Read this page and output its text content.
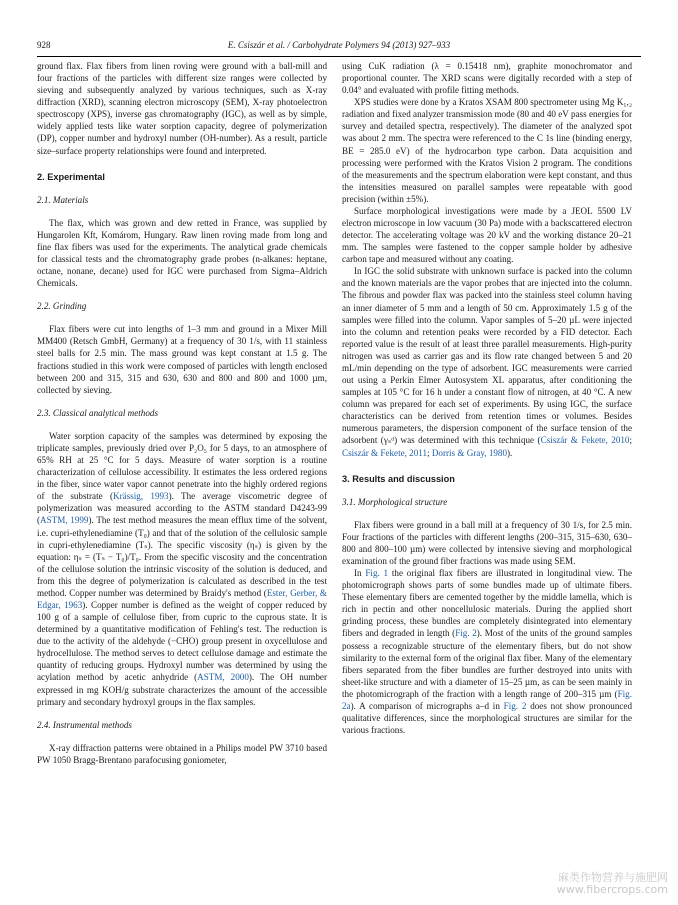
928	E. Csiszár et al. / Carbohydrate Polymers 94 (2013) 927–933

ground flax. Flax fibers from linen roving were ground with a ball-mill and four fractions of the particles with different size ranges were collected by sieving and subsequently analyzed by various techniques, such as X-ray diffraction (XRD), scanning electron microscopy (SEM), X-ray photoelectron spectroscopy (XPS), inverse gas chromatography (IGC), as well as by simple, widely applied tests like water sorption capacity, degree of polymerization (DP), copper number and hydroxyl number (OH-number). As a result, particle size–surface property relationships were found and interpreted.

2. Experimental

2.1. Materials

The flax, which was grown and dew retted in France, was supplied by Hungarolen Kft, Komárom, Hungary. Raw linen roving made from long and fine flax fibers was used for the experiments. The analytical grade chemicals for classical tests and the chromatography grade probes (n-alkanes: heptane, octane, nonane, decane) used for IGC were purchased from Sigma–Aldrich Chemicals.

2.2. Grinding

Flax fibers were cut into lengths of 1–3 mm and ground in a Mixer Mill MM400 (Retsch GmbH, Germany) at a frequency of 30 1/s, with 11 stainless steel balls for 2.5 min. The mass ground was kept constant at 1.5 g. The fractions studied in this work were composed of particles with length enclosed between 200 and 315, 315 and 630, 630 and 800 and 800 and 1000 µm, collected by sieving.

2.3. Classical analytical methods

Water sorption capacity of the samples was determined by exposing the triplicate samples, previously dried over P₂O₅ for 5 days, to an atmosphere of 65% RH at 25 °C for 5 days. Measure of water sorption is a routine characterization of cellulose accessibility. It estimates the less ordered regions in the fiber, since water vapor cannot penetrate into the highly ordered regions of the substrate (Krässig, 1993). The average viscometric degree of polymerization was measured according to the ASTM standard D4243-99 (ASTM, 1999). The test method measures the mean efflux time of the solvent, i.e. cupri-ethylenediamine (T₀) and that of the solution of the cellulosic sample in cupri-ethylenediamine (Tₛ). The specific viscosity (ηₛ) is given by the equation: ηₛ = (Tₛ − T₀)/T₀. From the specific viscosity and the concentration of the cellulose solution the intrinsic viscosity of the solution is deduced, and from this the degree of polymerization is calculated as described in the test method. Copper number was determined by Braidy's method (Ester, Gerber, & Edgar, 1963). Copper number is defined as the weight of copper reduced by 100 g of a sample of cellulose fiber, from cupric to the cuprous state. It is determined by a quantitative modification of Fehling's test. The reduction is due to the activity of the aldehyde (−CHO) group present in oxycellulose and hydrocellulose. The method serves to detect cellulose damage and estimate the quantity of reducing groups. Hydroxyl number was determined by using the acylation method by acetic anhydride (ASTM, 2000). The OH number expressed in mg KOH/g substrate characterizes the amount of the accessible primary and secondary hydroxyl groups in the flax samples.

2.4. Instrumental methods

X-ray diffraction patterns were obtained in a Philips model PW 3710 based PW 1050 Bragg-Brentano parafocusing goniometer,

using CuK radiation (λ = 0.15418 nm), graphite monochromator and proportional counter. The XRD scans were digitally recorded with a step of 0.04° and evaluated with profile fitting methods.

XPS studies were done by a Kratos XSAM 800 spectrometer using Mg K₁,₂ radiation and fixed analyzer transmission mode (80 and 40 eV pass energies for survey and detailed spectra, respectively). The diameter of the analyzed spot was about 2 mm. The spectra were referenced to the C 1s line (binding energy, BE = 285.0 eV) of the hydrocarbon type carbon. Data acquisition and processing were performed with the Kratos Vision 2 program. The conditions of the measurements and the spectrum elaboration were kept constant, and thus the intensities measured on parallel samples were repeatable with good precision (within ±5%).

Surface morphological investigations were made by a JEOL 5500 LV electron microscope in low vacuum (30 Pa) mode with a backscattered electron detector. The accelerating voltage was 20 kV and the working distance 20–21 mm. The samples were fastened to the copper sample holder by adhesive carbon tape and measured without any coating.

In IGC the solid substrate with unknown surface is packed into the column and the known materials are the vapor probes that are injected into the column. The fibrous and powder flax was packed into the stainless steel column having an inner diameter of 5 mm and a length of 50 cm. Approximately 1.5 g of the samples were filled into the column. Vapor samples of 5–20 µL were injected into the column and retention peaks were recorded by a FID detector. Each reported value is the result of at least three parallel measurements. High-purity nitrogen was used as carrier gas and its flow rate changed between 5 and 20 mL/min depending on the type of adsorbent. IGC measurements were carried out using a Perkin Elmer Autosystem XL apparatus, after conditioning the samples at 105 °C for 16 h under a constant flow of nitrogen, at 40 °C. A new column was prepared for each set of experiments. By using IGC, the surface characteristics can be derived from retention times or volumes. Besides numerous parameters, the dispersion component of the surface tension of the adsorbent (γₛᵈ) was determined with this technique (Csiszár & Fekete, 2010; Csiszár & Fekete, 2011; Dorris & Gray, 1980).

3. Results and discussion

3.1. Morphological structure

Flax fibers were ground in a ball mill at a frequency of 30 1/s, for 2.5 min. Four fractions of the particles with different lengths (200–315, 315–630, 630–800 and 800–100 µm) were collected by intensive sieving and morphological examination of the ground fiber fractions was made using SEM.

In Fig. 1 the original flax fibers are illustrated in longitudinal view. The photomicrograph shows parts of some bundles made up of ultimate fibers. These elementary fibers are cemented together by the middle lamella, which is rich in pectin and other noncellulosic materials. During the applied short grinding process, these bundles are completely disintegrated into elementary fibers and degraded in length (Fig. 2). Most of the units of the ground samples possess a recognizable structure of the elementary fibers, but do not show similarity to the external form of the original flax fiber. Many of the elementary fibers separated from the fiber bundles are further destroyed into units with sheet-like structure and with a diameter of 15–25 µm, as can be seen mainly in the photomicrograph of the fraction with a length range of 200–315 µm (Fig. 2a). A comparison of micrographs a–d in Fig. 2 does not show pronounced qualitative differences, since the morphological structures are similar for the various fractions.

麻类作物营养与施肥网
www.fibercrops.com
